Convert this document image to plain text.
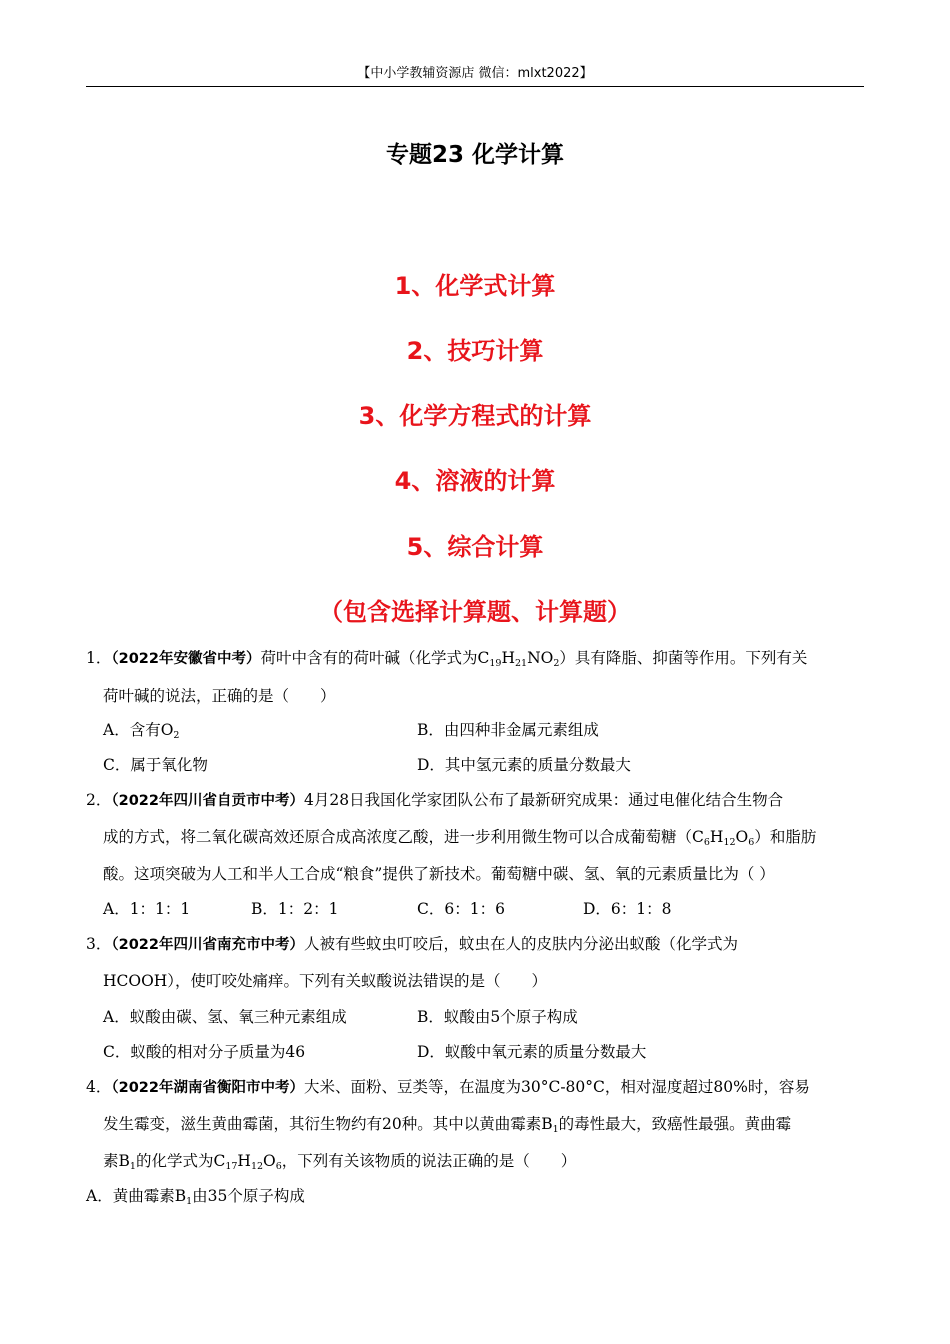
【中小学教辅资源店 微信：mlxt2022】
专题23 化学计算
1、化学式计算
2、技巧计算
3、化学方程式的计算
4、溶液的计算
5、综合计算
（包含选择计算题、计算题）
1．（2022年安徽省中考）荷叶中含有的荷叶碱（化学式为$C_{19}H_{21}NO_2$）具有降脂、抑菌等作用。下列有关
荷叶碱的说法，正确的是（　　）
A．含有$O_2$	B．由四种非金属元素组成
C．属于氧化物	D．其中氢元素的质量分数最大
2．（2022年四川省自贡市中考）4月28日我国化学家团队公布了最新研究成果：通过电催化结合生物合
成的方式，将二氧化碳高效还原合成高浓度乙酸，进一步利用微生物可以合成葡萄糖$(C_6H_{12}O_6)$和脂肪
酸。这项突破为人工和半人工合成“粮食”提供了新技术。葡萄糖中碳、氢、氧的元素质量比为（ ）
A．1：1：1	B．1：2：1	C．6：1：6	D．6：1：8
3．（2022年四川省南充市中考）人被有些蚊虫叮咬后，蚊虫在人的皮肤内分泌出蚁酸（化学式为
HCOOH），使叮咬处痛痒。下列有关蚁酸说法错误的是（　　）
A．蚁酸由碳、氢、氧三种元素组成	B．蚁酸由5个原子构成
C．蚁酸的相对分子质量为46	D．蚁酸中氧元素的质量分数最大
4．（2022年湖南省衡阳市中考）大米、面粉、豆类等，在温度为30°C-80°C，相对湿度超过80%时，容易
发生霉变，滋生黄曲霉菌，其衍生物约有20种。其中以黄曲霉素$B_1$的毒性最大，致癌性最强。黄曲霉
素$B_1$的化学式为$C_{17}H_{12}O_6$，下列有关该物质的说法正确的是（　　）
A．黄曲霉素$B_1$由35个原子构成
